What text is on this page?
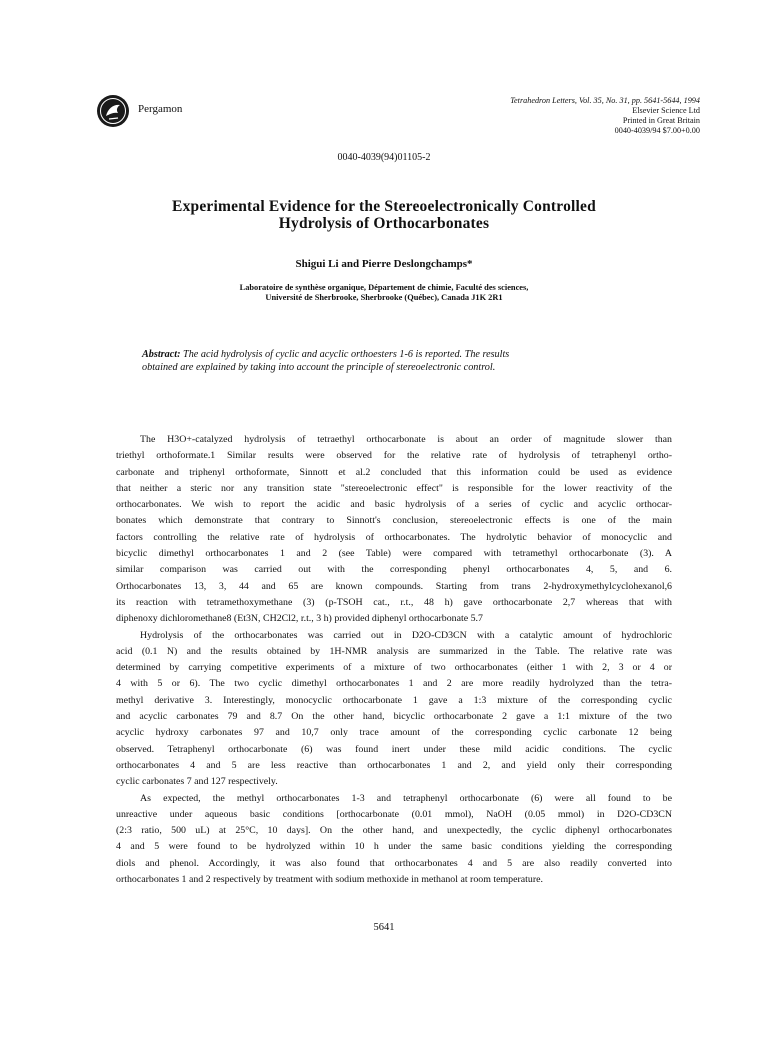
Pergamon
Tetrahedron Letters, Vol. 35, No. 31, pp. 5641-5644, 1994
Elsevier Science Ltd
Printed in Great Britain
0040-4039/94 $7.00+0.00
0040-4039(94)01105-2
Experimental Evidence for the Stereoelectronically Controlled
Hydrolysis of Orthocarbonates
Shigui Li and Pierre Deslongchamps*
Laboratoire de synthèse organique, Département de chimie, Faculté des sciences,
Université de Sherbrooke, Sherbrooke (Québec), Canada J1K 2R1
Abstract: The acid hydrolysis of cyclic and acyclic orthoesters 1-6 is reported. The results
obtained are explained by taking into account the principle of stereoelectronic control.
The H3O+-catalyzed hydrolysis of tetraethyl orthocarbonate is about an order of magnitude slower than
triethyl orthoformate.1 Similar results were observed for the relative rate of hydrolysis of tetraphenyl ortho-
carbonate and triphenyl orthoformate, Sinnott et al.2 concluded that this information could be used as evidence
that neither a steric nor any transition state "stereoelectronic effect" is responsible for the lower reactivity of the
orthocarbonates. We wish to report the acidic and basic hydrolysis of a series of cyclic and acyclic orthocar-
bonates which demonstrate that contrary to Sinnott's conclusion, stereoelectronic effects is one of the main
factors controlling the relative rate of hydrolysis of orthocarbonates. The hydrolytic behavior of monocyclic and
bicyclic dimethyl orthocarbonates 1 and 2 (see Table) were compared with tetramethyl orthocarbonate (3). A
similar comparison was carried out with the corresponding phenyl orthocarbonates 4, 5, and 6.
Orthocarbonates 13, 3, 44 and 65 are known compounds. Starting from trans 2-hydroxymethylcyclohexanol,6
its reaction with tetramethoxymethane (3) (p-TSOH cat., r.t., 48 h) gave orthocarbonate 2,7 whereas that with
diphenoxy dichloromethane8 (Et3N, CH2Cl2, r.t., 3 h) provided diphenyl orthocarbonate 5.7
Hydrolysis of the orthocarbonates was carried out in D2O-CD3CN with a catalytic amount of hydrochloric
acid (0.1 N) and the results obtained by 1H-NMR analysis are summarized in the Table. The relative rate was
determined by carrying competitive experiments of a mixture of two orthocarbonates (either 1 with 2, 3 or 4 or
4 with 5 or 6). The two cyclic dimethyl orthocarbonates 1 and 2 are more readily hydrolyzed than the tetra-
methyl derivative 3. Interestingly, monocyclic orthocarbonate 1 gave a 1:3 mixture of the corresponding cyclic
and acyclic carbonates 79 and 8.7 On the other hand, bicyclic orthocarbonate 2 gave a 1:1 mixture of the two
acyclic hydroxy carbonates 97 and 10,7 only trace amount of the corresponding cyclic carbonate 12 being
observed. Tetraphenyl orthocarbonate (6) was found inert under these mild acidic conditions. The cyclic
orthocarbonates 4 and 5 are less reactive than orthocarbonates 1 and 2, and yield only their corresponding
cyclic carbonates 7 and 127 respectively.
As expected, the methyl orthocarbonates 1-3 and tetraphenyl orthocarbonate (6) were all found to be
unreactive under aqueous basic conditions [orthocarbonate (0.01 mmol), NaOH (0.05 mmol) in D2O-CD3CN
(2:3 ratio, 500 uL) at 25°C, 10 days]. On the other hand, and unexpectedly, the cyclic diphenyl orthocarbonates
4 and 5 were found to be hydrolyzed within 10 h under the same basic conditions yielding the corresponding
diols and phenol. Accordingly, it was also found that orthocarbonates 4 and 5 are also readily converted into
orthocarbonates 1 and 2 respectively by treatment with sodium methoxide in methanol at room temperature.
5641
